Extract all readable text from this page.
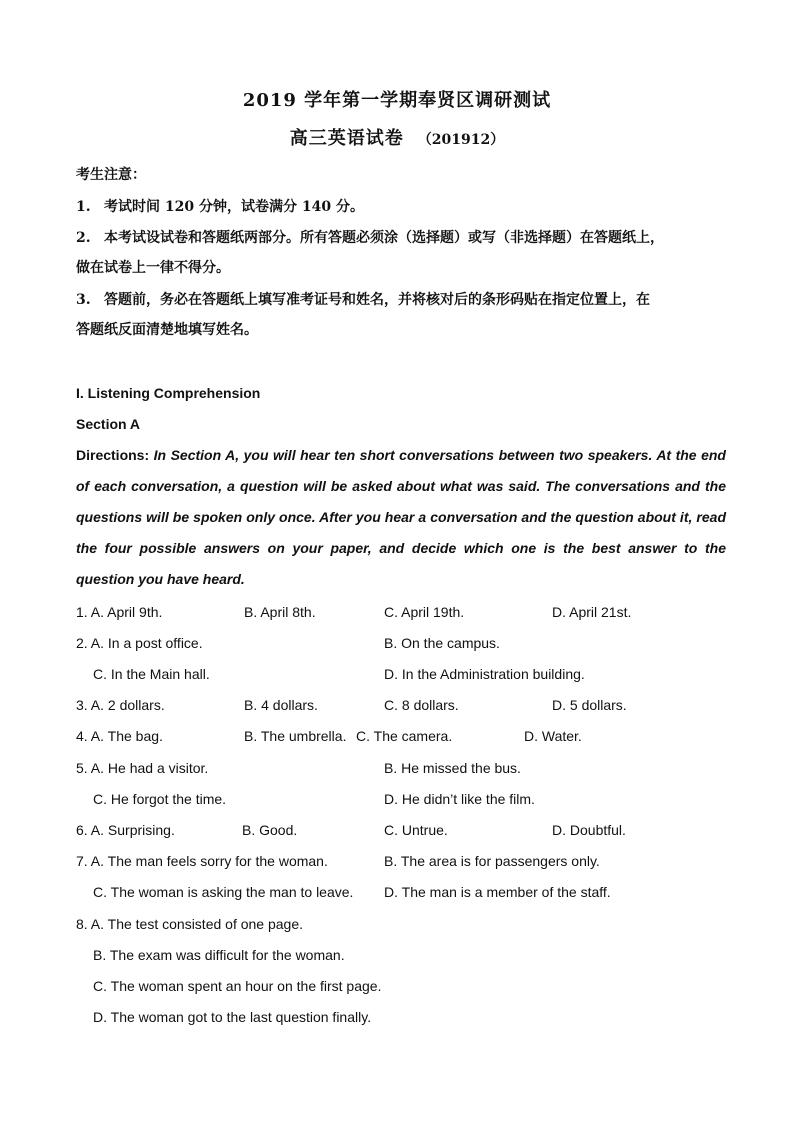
2019 学年第一学期奉贤区调研测试
高三英语试卷 （201912）
考生注意：
1. 考试时间 120 分钟，试卷满分 140 分。
2. 本考试设试卷和答题纸两部分。所有答题必须涂（选择题）或写（非选择题）在答题纸上，
做在试卷上一律不得分。
3. 答题前，务必在答题纸上填写准考证号和姓名，并将核对后的条形码贴在指定位置上，在
答题纸反面清楚地填写姓名。
I. Listening Comprehension
Section A
Directions: In Section A, you will hear ten short conversations between two speakers. At the end of each conversation, a question will be asked about what was said. The conversations and the questions will be spoken only once. After you hear a conversation and the question about it, read the four possible answers on your paper, and decide which one is the best answer to the question you have heard.
1. A. April 9th.	B. April 8th.	C. April 19th.	D. April 21st.
2. A. In a post office.	B. On the campus.
C. In the Main hall.	D. In the Administration building.
3. A. 2 dollars.	B. 4 dollars.	C. 8 dollars.	D. 5 dollars.
4. A. The bag.	B. The umbrella. C. The camera.	D. Water.
5. A. He had a visitor.	B. He missed the bus.
C. He forgot the time.	D. He didn’t like the film.
6. A. Surprising.	B. Good.	C. Untrue.	D. Doubtful.
7. A. The man feels sorry for the woman.	B. The area is for passengers only.
C. The woman is asking the man to leave. D. The man is a member of the staff.
8. A. The test consisted of one page.
B. The exam was difficult for the woman.
C. The woman spent an hour on the first page.
D. The woman got to the last question finally.
